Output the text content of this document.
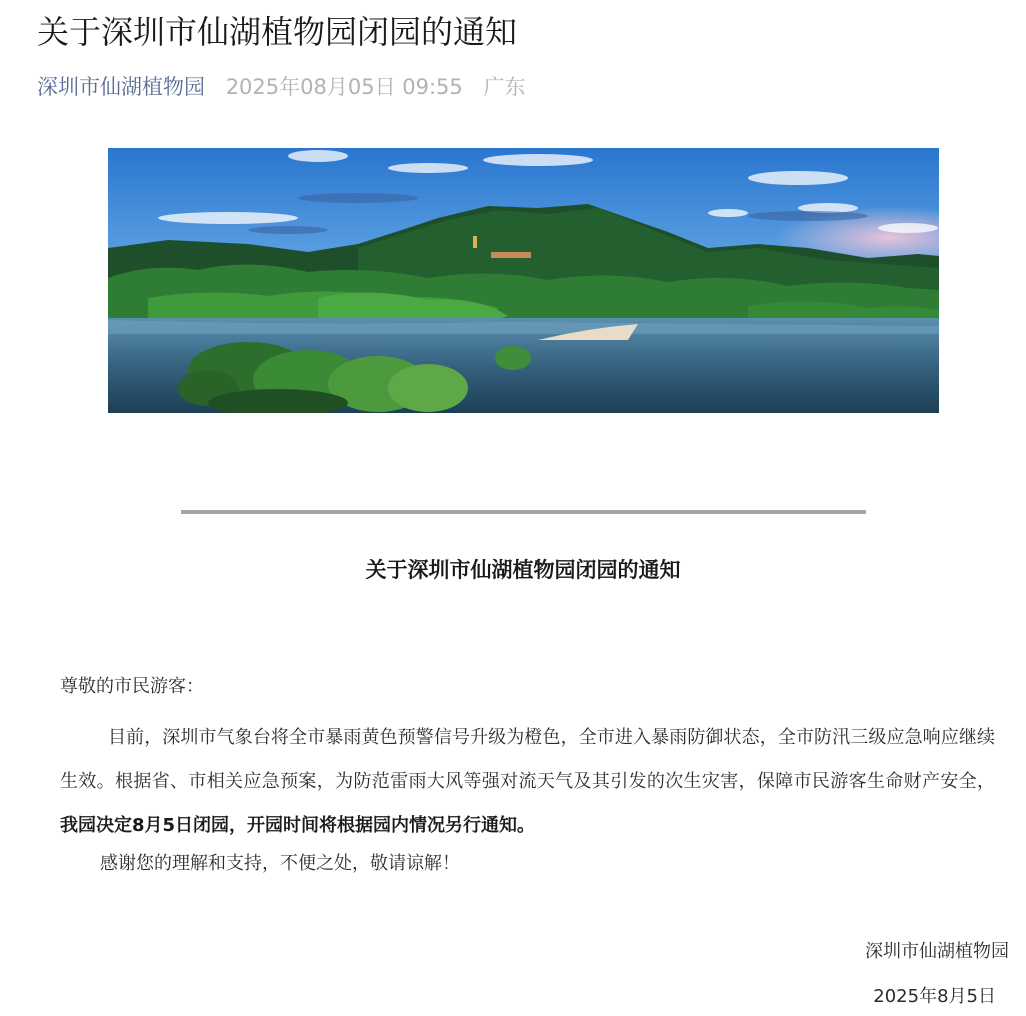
关于深圳市仙湖植物园闭园的通知
深圳市仙湖植物园 2025年08月05日 09:55 广东
关于深圳市仙湖植物园闭园的通知

尊敬的市民游客：

目前，深圳市气象台将全市暴雨黄色预警信号升级为橙色，全市进入暴雨防御状态，全市防汛三级应急响应继续生效。根据省、市相关应急预案，为防范雷雨大风等强对流天气及其引发的次生灾害，保障市民游客生命财产安全，我园决定8月5日闭园，开园时间将根据园内情况另行通知。

感谢您的理解和支持，不便之处，敬请谅解！

深圳市仙湖植物园
2025年8月5日
